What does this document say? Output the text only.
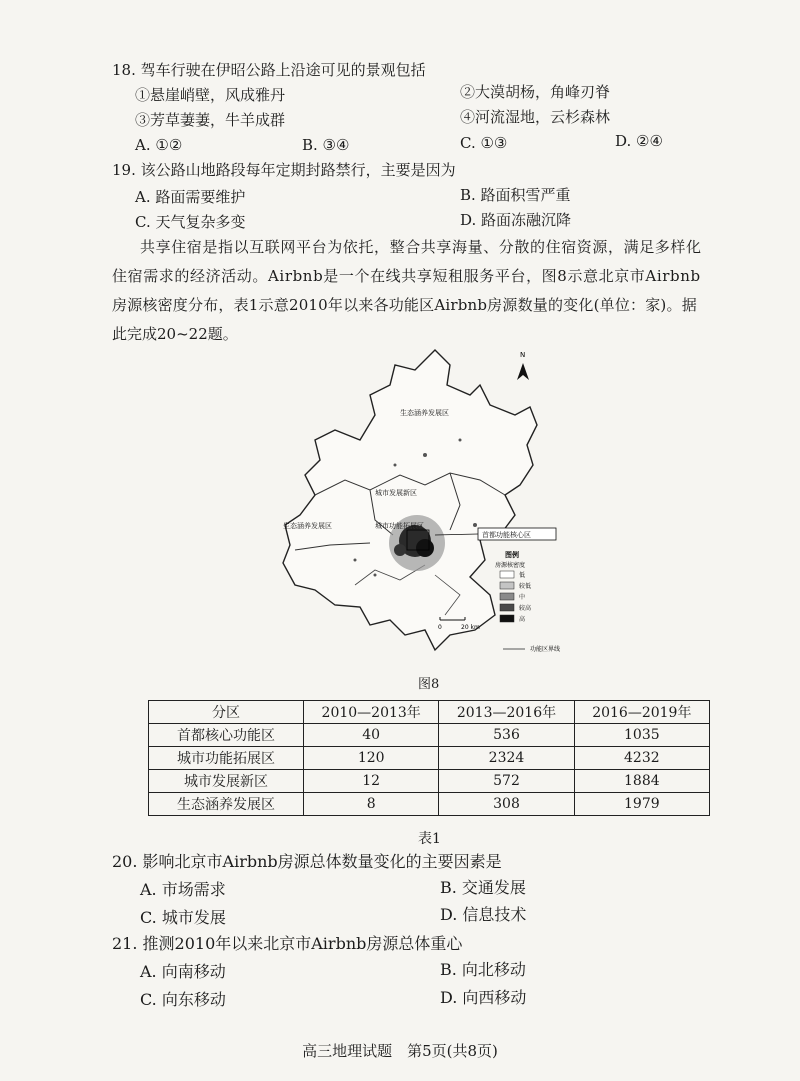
18. 驾车行驶在伊昭公路上沿途可见的景观包括
①悬崖峭壁，风成雅丹	②大漠胡杨，角峰刃脊
③芳草萋萋，牛羊成群	④河流湿地，云杉森林
A. ①②	B. ③④	C. ①③	D. ②④
19. 该公路山地路段每年定期封路禁行，主要是因为
A. 路面需要维护	B. 路面积雪严重
C. 天气复杂多变	D. 路面冻融沉降
共享住宿是指以互联网平台为依托，整合共享海量、分散的住宿资源，满足多样化
住宿需求的经济活动。Airbnb是一个在线共享短租服务平台，图8示意北京市Airbnb
房源核密度分布，表1示意2010年以来各功能区Airbnb房源数量的变化(单位：家)。据
此完成20~22题。
N
生态涵养发展区
城市发展新区
生态涵养发展区	城市功能拓展区
首都功能核心区
图例
房源核密度
低
较低
中
较高
高
功能区界线
0	20 km
图8
分区	2010—2013年	2013—2016年	2016—2019年
首都核心功能区	40	536	1035
城市功能拓展区	120	2324	4232
城市发展新区	12	572	1884
生态涵养发展区	8	308	1979
表1
20. 影响北京市Airbnb房源总体数量变化的主要因素是
A. 市场需求	B. 交通发展
C. 城市发展	D. 信息技术
21. 推测2010年以来北京市Airbnb房源总体重心
A. 向南移动	B. 向北移动
C. 向东移动	D. 向西移动
高三地理试题　第5页(共8页)
